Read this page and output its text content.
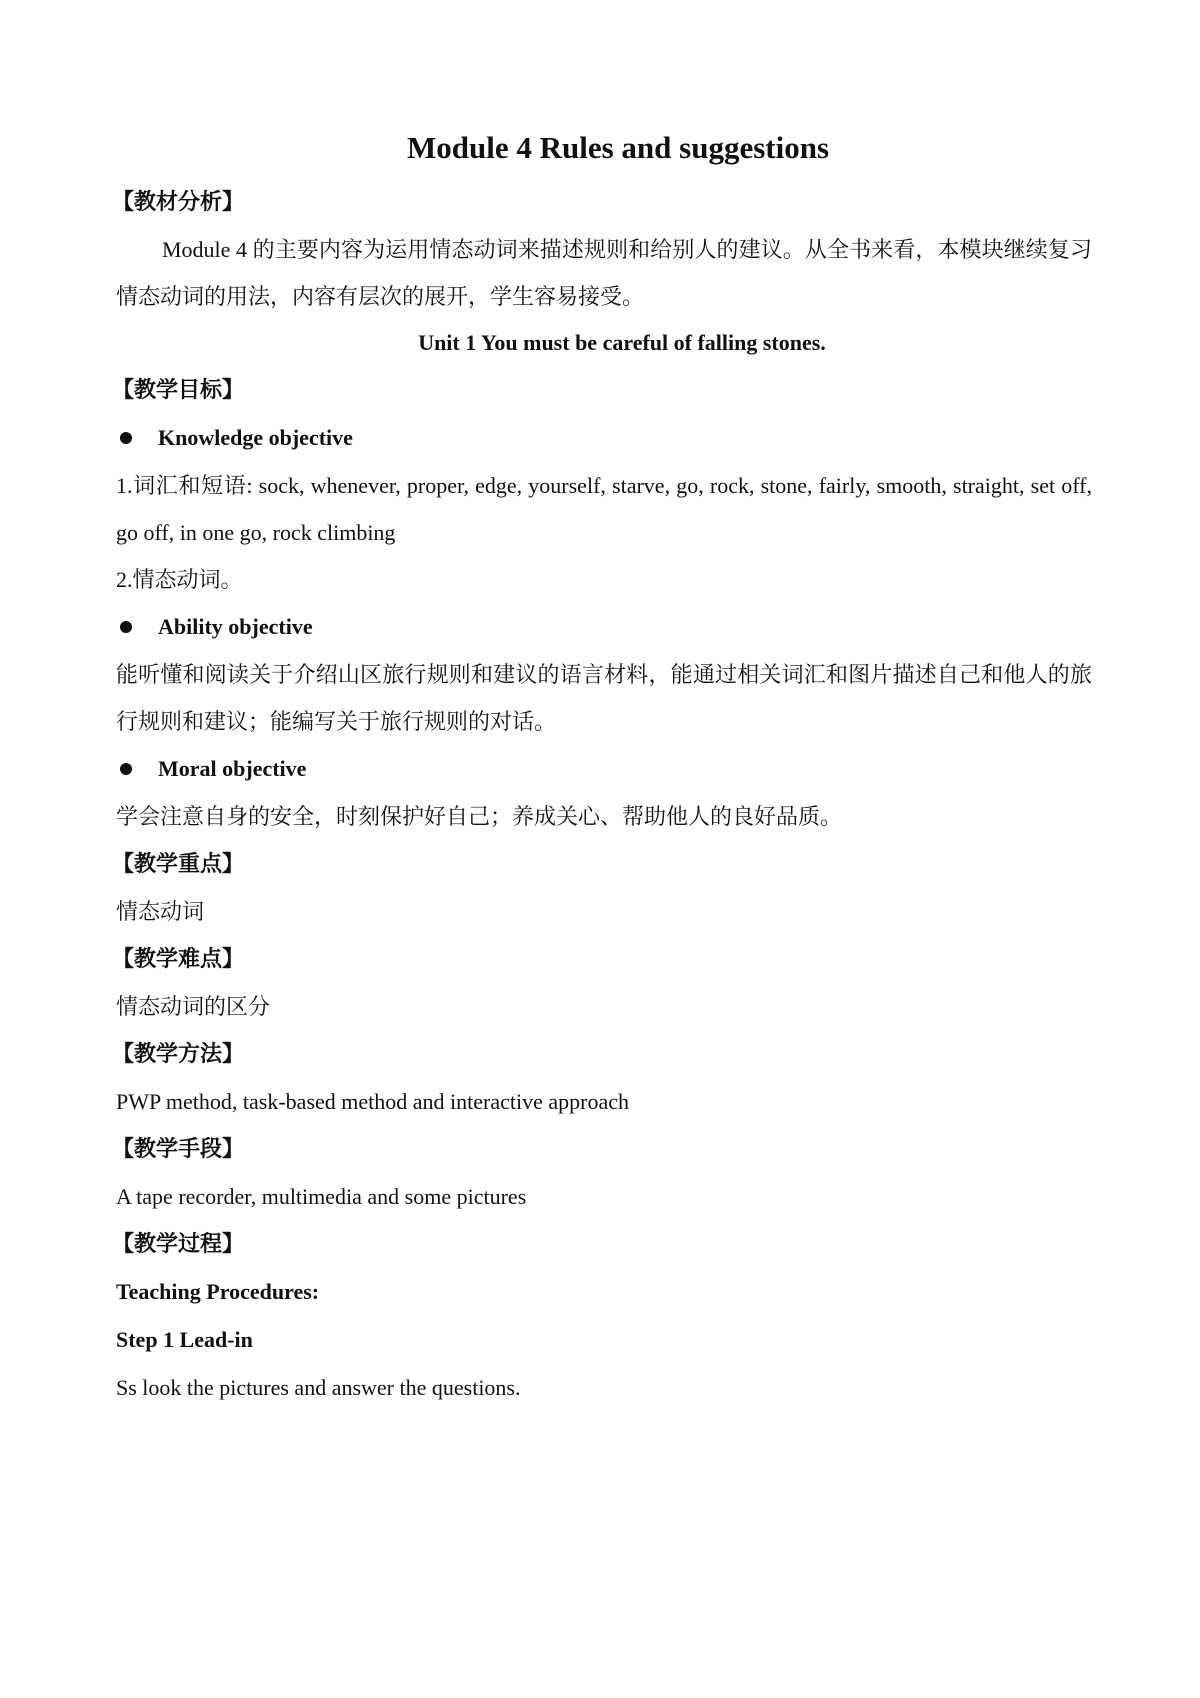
Module 4 Rules and suggestions
【教材分析】

Module 4 的主要内容为运用情态动词来描述规则和给别人的建议。从全书来看，本模块继续复习情态动词的用法，内容有层次的展开，学生容易接受。

Unit 1 You must be careful of falling stones.
【教学目标】
Knowledge objective

1.词汇和短语: sock, whenever, proper, edge, yourself, starve, go, rock, stone, fairly, smooth, straight, set off, go off, in one go, rock climbing

2.情态动词。

Ability objective

能听懂和阅读关于介绍山区旅行规则和建议的语言材料，能通过相关词汇和图片描述自己和他人的旅行规则和建议；能编写关于旅行规则的对话。

Moral objective

学会注意自身的安全，时刻保护好自己；养成关心、帮助他人的良好品质。

【教学重点】

情态动词

【教学难点】

情态动词的区分

【教学方法】

PWP method, task-based method and interactive approach

【教学手段】

A tape recorder, multimedia and some pictures

【教学过程】
Teaching Procedures:
Step 1 Lead-in

Ss look the pictures and answer the questions.
